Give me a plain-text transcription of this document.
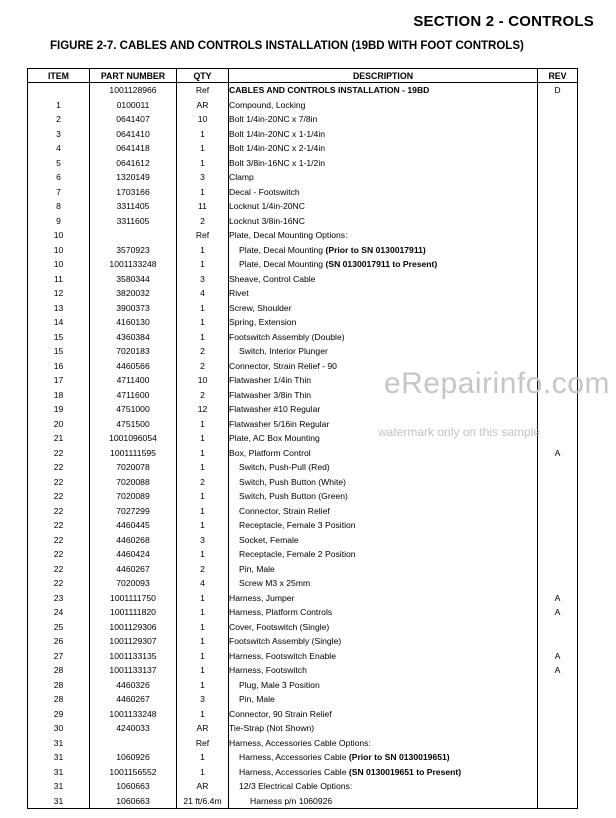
SECTION 2 - CONTROLS
FIGURE 2-7. CABLES AND CONTROLS INSTALLATION (19BD WITH FOOT CONTROLS)
ITEM	PART NUMBER	QTY	DESCRIPTION	REV
	1001128966	Ref	CABLES AND CONTROLS INSTALLATION - 19BD	D
1	0100011	AR	Compound, Locking	
2	0641407	10	Bolt 1/4in-20NC x 7/8in	
3	0641410	1	Bolt 1/4in-20NC x 1-1/4in	
4	0641418	1	Bolt 1/4in-20NC x 2-1/4in	
5	0641612	1	Bolt 3/8in-16NC x 1-1/2in	
6	1320149	3	Clamp	
7	1703166	1	Decal - Footswitch	
8	3311405	11	Locknut 1/4in-20NC	
9	3311605	2	Locknut 3/8in-16NC	
10		Ref	Plate, Decal Mounting Options:	
10	3570923	1	Plate, Decal Mounting (Prior to SN 0130017911)	
10	1001133248	1	Plate, Decal Mounting (SN 0130017911 to Present)	
11	3580344	3	Sheave, Control Cable	
12	3820032	4	Rivet	
13	3900373	1	Screw, Shoulder	
14	4160130	1	Spring, Extension	
15	4360384	1	Footswitch Assembly (Double)	
15	7020183	2	Switch, Interior Plunger	
16	4460566	2	Connector, Strain Relief - 90	
17	4711400	10	Flatwasher 1/4in Thin	
18	4711600	2	Flatwasher 3/8in Thin	
19	4751000	12	Flatwasher #10 Regular	
20	4751500	1	Flatwasher 5/16in Regular	
21	1001096054	1	Plate, AC Box Mounting	
22	1001111595	1	Box, Platform Control	A
22	7020078	1	Switch, Push-Pull (Red)	
22	7020088	2	Switch, Push Button (White)	
22	7020089	1	Switch, Push Button (Green)	
22	7027299	1	Connector, Strain Relief	
22	4460445	1	Receptacle, Female 3 Position	
22	4460268	3	Socket, Female	
22	4460424	1	Receptacle, Female 2 Position	
22	4460267	2	Pin, Male	
22	7020093	4	Screw M3 x 25mm	
23	1001111750	1	Harness, Jumper	A
24	1001111820	1	Harness, Platform Controls	A
25	1001129306	1	Cover, Footswitch (Single)	
26	1001129307	1	Footswitch Assembly (Single)	
27	1001133135	1	Harness, Footswitch Enable	A
28	1001133137	1	Harness, Footswitch	A
28	4460326	1	Plug, Male 3 Position	
28	4460267	3	Pin, Male	
29	1001133248	1	Connector, 90 Strain Relief	
30	4240033	AR	Tie-Strap (Not Shown)	
31		Ref	Harness, Accessories Cable Options:	
31	1060926	1	Harness, Accessories Cable (Prior to SN 0130019651)	
31	1001156552	1	Harness, Accessories Cable (SN 0130019651 to Present)	
31	1060663	AR	12/3 Electrical Cable Options:	
31	1060663	21 ft/6.4m	Harness p/n 1060926	
eRepairinfo.com
watermark only on this sample
